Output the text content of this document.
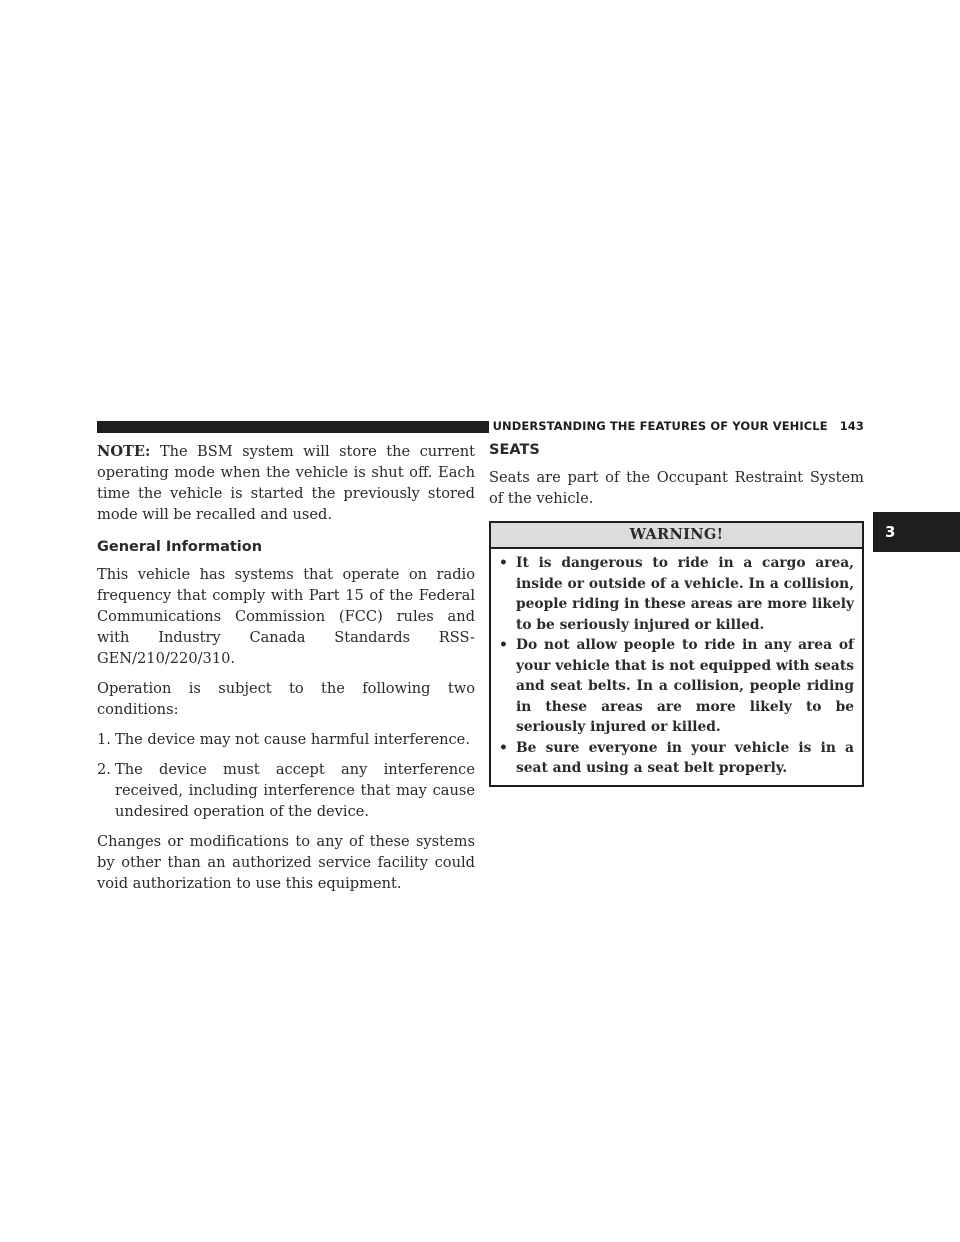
UNDERSTANDING THE FEATURES OF YOUR VEHICLE 143
3

NOTE: The BSM system will store the current operating mode when the vehicle is shut off. Each time the vehicle is started the previously stored mode will be recalled and used.

General Information

This vehicle has systems that operate on radio frequency that comply with Part 15 of the Federal Communications Commission (FCC) rules and with Industry Canada Standards RSS- GEN/210/220/310.

Operation is subject to the following two conditions:

1. The device may not cause harmful interference.
2. The device must accept any interference received, including interference that may cause undesired operation of the device.

Changes or modifications to any of these systems by other than an authorized service facility could void authorization to use this equipment.

SEATS

Seats are part of the Occupant Restraint System of the vehicle.

WARNING!
• It is dangerous to ride in a cargo area, inside or outside of a vehicle. In a collision, people riding in these areas are more likely to be seriously injured or killed.
• Do not allow people to ride in any area of your vehicle that is not equipped with seats and seat belts. In a collision, people riding in these areas are more likely to be seriously injured or killed.
• Be sure everyone in your vehicle is in a seat and using a seat belt properly.
